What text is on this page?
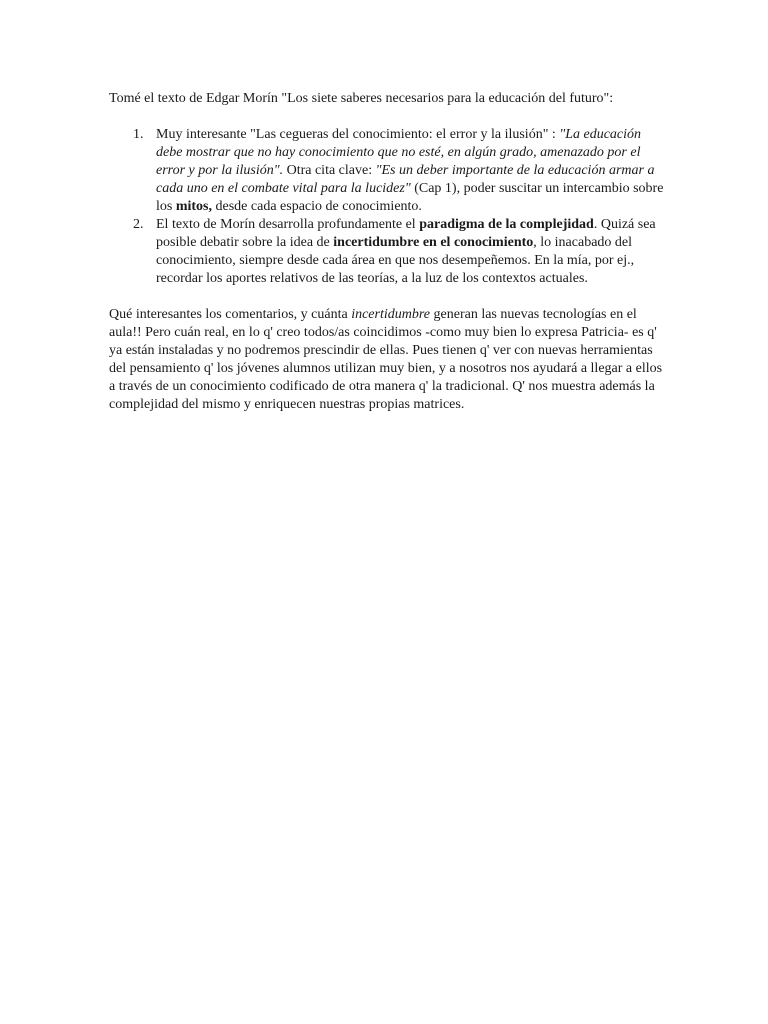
Tomé el texto de Edgar Morín "Los siete saberes necesarios para la educación del futuro":

1. Muy interesante "Las cegueras del conocimiento: el error y la ilusión" : "La educación debe mostrar que no hay conocimiento que no esté, en algún grado, amenazado por el error y por la ilusión". Otra cita clave: "Es un deber importante de la educación armar a cada uno en el combate vital para la lucidez" (Cap 1), poder suscitar un intercambio sobre los mitos, desde cada espacio de conocimiento.
2. El texto de Morín desarrolla profundamente el paradigma de la complejidad. Quizá sea posible debatir sobre la idea de incertidumbre en el conocimiento, lo inacabado del conocimiento, siempre desde cada área en que nos desempeñemos. En la mía, por ej., recordar los aportes relativos de las teorías, a la luz de los contextos actuales.

Qué interesantes los comentarios, y cuánta incertidumbre generan las nuevas tecnologías en el aula!! Pero cuán real, en lo q' creo todos/as coincidimos -como muy bien lo expresa Patricia- es q' ya están instaladas y no podremos prescindir de ellas. Pues tienen q' ver con nuevas herramientas del pensamiento q' los jóvenes alumnos utilizan muy bien, y a nosotros nos ayudará a llegar a ellos a través de un conocimiento codificado de otra manera q' la tradicional. Q' nos muestra además la complejidad del mismo y enriquecen nuestras propias matrices.
